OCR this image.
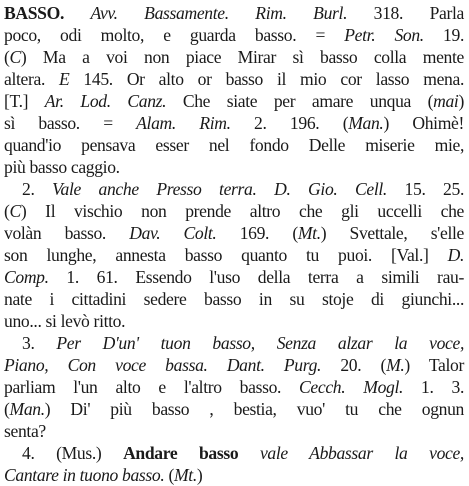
BASSO. Avv. Bassamente. Rim. Burl. 318. Parla
poco, odi molto, e guarda basso. = Petr. Son. 19.
(C) Ma a voi non piace Mirar sì basso colla mente
altera. E 145. Or alto or basso il mio cor lasso mena.
[T.] Ar. Lod. Canz. Che siate per amare unqua (mai)
sì basso. = Alam. Rim. 2. 196. (Man.) Ohimè!
quand'io pensava esser nel fondo Delle miserie mie,
più basso caggio.
2. Vale anche Presso terra. D. Gio. Cell. 15. 25.
(C) Il vischio non prende altro che gli uccelli che
volàn basso. Dav. Colt. 169. (Mt.) Svettale, s'elle
son lunghe, annesta basso quanto tu puoi. [Val.] D.
Comp. 1. 61. Essendo l'uso della terra a simili rau-
nate i cittadini sedere basso in su stoje di giunchi...
uno... si levò ritto.
3. Per D'un' tuon basso, Senza alzar la voce,
Piano, Con voce bassa. Dant. Purg. 20. (M.) Talor
parliam l'un alto e l'altro basso. Cecch. Mogl. 1. 3.
(Man.) Di' più basso , bestia, vuo' tu che ognun
senta?
4. (Mus.) Andare basso vale Abbassar la voce,
Cantare in tuono basso. (Mt.)
